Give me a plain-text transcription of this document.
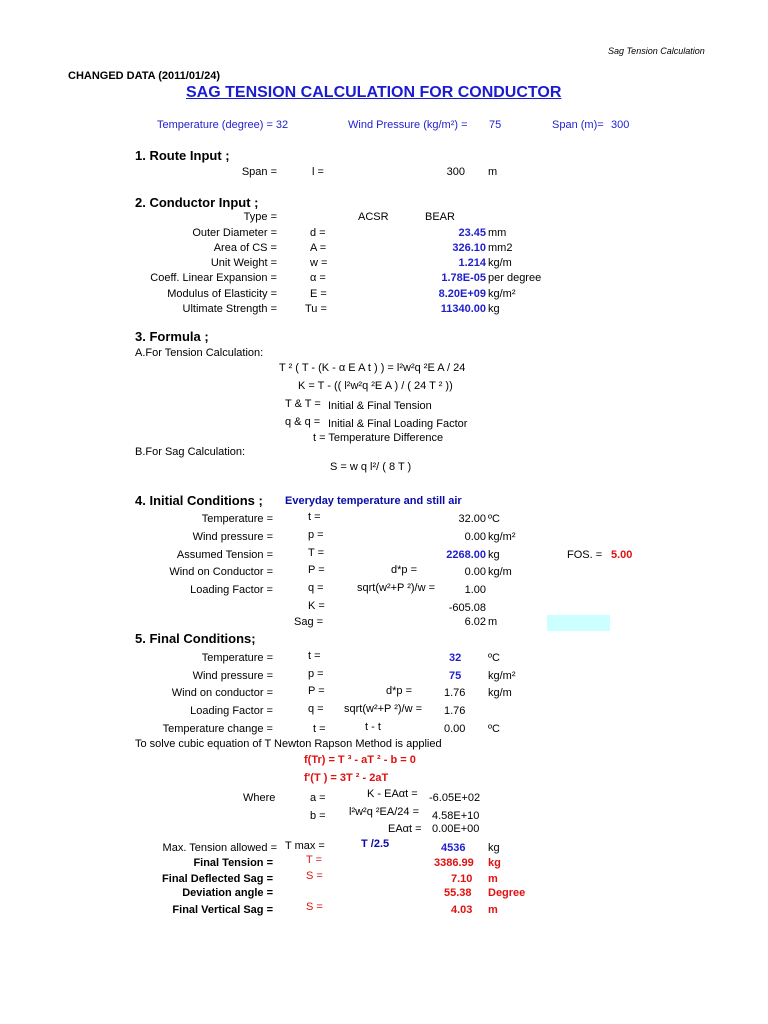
Sag Tension Calculation
CHANGED DATA (2011/01/24)
SAG TENSION CALCULATION FOR CONDUCTOR
Temperature (degree) = 32	Wind Pressure (kg/m²) = 75	Span (m)= 300
1. Route Input ;
Span =	l =	300 m
2. Conductor Input ;
Type =	ACSR	BEAR
Outer Diameter =	d =	23.45 mm
Area of CS =	A =	326.10 mm2
Unit Weight =	w =	1.214 kg/m
Coeff. Linear Expansion =	α =	1.78E-05 per degree
Modulus of Elasticity =	E =	8.20E+09 kg/m²
Ultimate Strength =	Tu =	11340.00 kg
3. Formula ;
A.For Tension Calculation:
T ² ( T - (K - α E A t ) ) = l²w²q ²E A / 24
K = T - (( l²w²q ²E A ) / ( 24 T ² ))
T & T = Initial & Final Tension
q & q = Initial & Final Loading Factor
t = Temperature Difference
B.For Sag Calculation:
S = w q l²/ ( 8 T )
4. Initial Conditions ; Everyday temperature and still air
Temperature =	t =	32.00 ºC
Wind pressure =	p =	0.00 kg/m²
Assumed Tension =	T =	2268.00 kg
Wind on Conductor =	P =	d*p =	0.00 kg/m
Loading Factor =	q =	sqrt(w²+P ²)/w =	1.00
K =	-605.08
Sag =	6.02 m
FOS. = 5.00
5. Final Conditions;
Temperature =	t =	32 ºC
Wind pressure =	p =	75 kg/m²
Wind on conductor =	P =	d*p =	1.76 kg/m
Loading Factor =	q = sqrt(w²+P ²)/w = 1.76
Temperature change =	t =	t - t	0.00 ºC
To solve cubic equation of T Newton Rapson Method is applied
f(Tr) = T ³ - aT ² - b = 0
f'(T ) = 3T ² - 2aT
Where	a =	K - EAαt = -6.05E+02
b = l²w²q ²EA/24 = 4.58E+10
EAαt = 0.00E+00
Max. Tension allowed = T max =	T /2.5	4536 kg
Final Tension =	T =	3386.99 kg
Final Deflected Sag =	S =	7.10 m
Deviation angle =	55.38 Degree
Final Vertical Sag =	S =	4.03 m
